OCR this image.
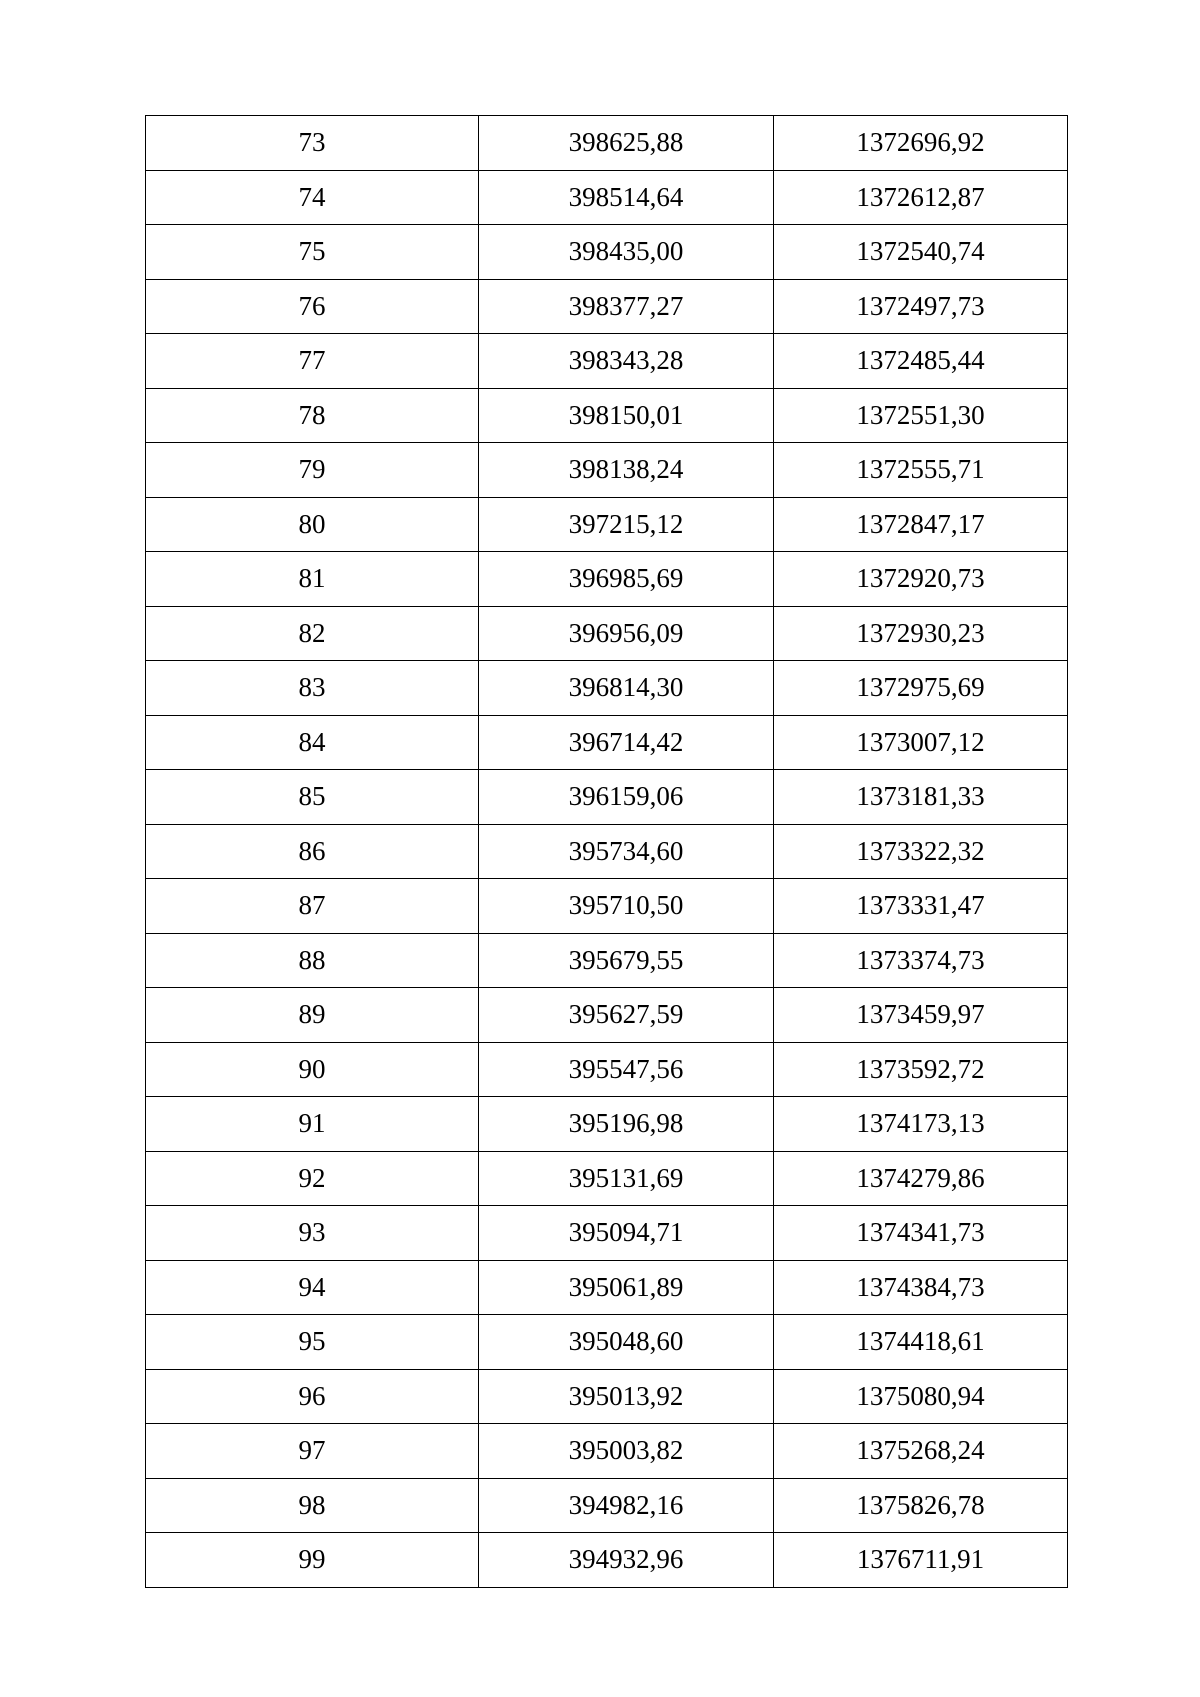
73	398625,88	1372696,92
74	398514,64	1372612,87
75	398435,00	1372540,74
76	398377,27	1372497,73
77	398343,28	1372485,44
78	398150,01	1372551,30
79	398138,24	1372555,71
80	397215,12	1372847,17
81	396985,69	1372920,73
82	396956,09	1372930,23
83	396814,30	1372975,69
84	396714,42	1373007,12
85	396159,06	1373181,33
86	395734,60	1373322,32
87	395710,50	1373331,47
88	395679,55	1373374,73
89	395627,59	1373459,97
90	395547,56	1373592,72
91	395196,98	1374173,13
92	395131,69	1374279,86
93	395094,71	1374341,73
94	395061,89	1374384,73
95	395048,60	1374418,61
96	395013,92	1375080,94
97	395003,82	1375268,24
98	394982,16	1375826,78
99	394932,96	1376711,91
